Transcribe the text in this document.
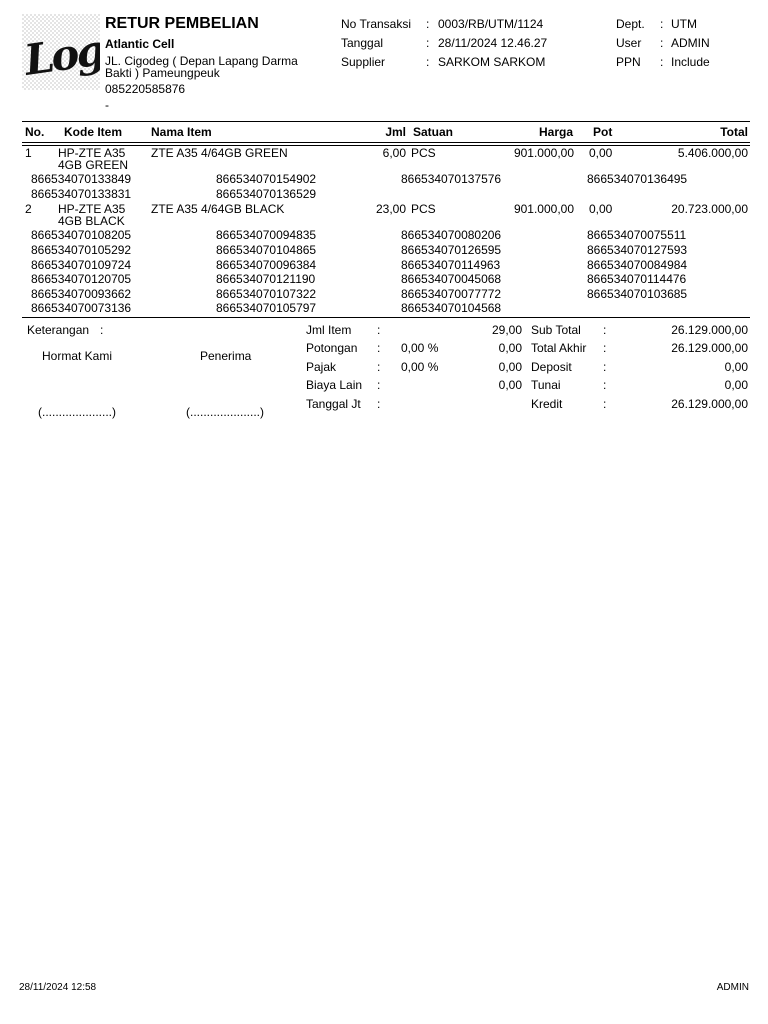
Logo
RETUR PEMBELIAN
Atlantic Cell
JL. Cigodeg ( Depan Lapang Darma
Bakti ) Pameungpeuk
085220585876
-
No Transaksi : 0003/RB/UTM/1124
Tanggal	: 28/11/2024 12.46.27
Supplier	: SARKOM SARKOM
Dept. : UTM
User : ADMIN
PPN : Include
No. Kode Item Nama Item	Jml Satuan	Harga Pot	Total
1 HP-ZTE A35
4GB GREEN
ZTE A35 4/64GB GREEN	6,00 PCS	901.000,00 0,00	5.406.000,00
866534070133849	866534070154902	866534070137576	866534070136495
866534070133831	866534070136529
2 HP-ZTE A35
4GB BLACK
ZTE A35 4/64GB BLACK	23,00 PCS	901.000,00 0,00	20.723.000,00
866534070108205	866534070094835	866534070080206	866534070075511
866534070105292	866534070104865	866534070126595	866534070127593
866534070109724	866534070096384	866534070114963	866534070084984
866534070120705	866534070121190	866534070045068	866534070114476
866534070093662	866534070107322	866534070077772	866534070103685
866534070073136	866534070105797	866534070104568
Keterangan :
Hormat Kami	Penerima
(.....................)	(.....................)
Jml Item :	29,00
Potongan : 0,00 %	0,00
Pajak	: 0,00 %	0,00
Biaya Lain :	0,00
Tanggal Jt :
Sub Total :	26.129.000,00
Total Akhir :	26.129.000,00
Deposit	:	0,00
Tunai	:	0,00
Kredit	:	26.129.000,00
28/11/2024 12:58	ADMIN
